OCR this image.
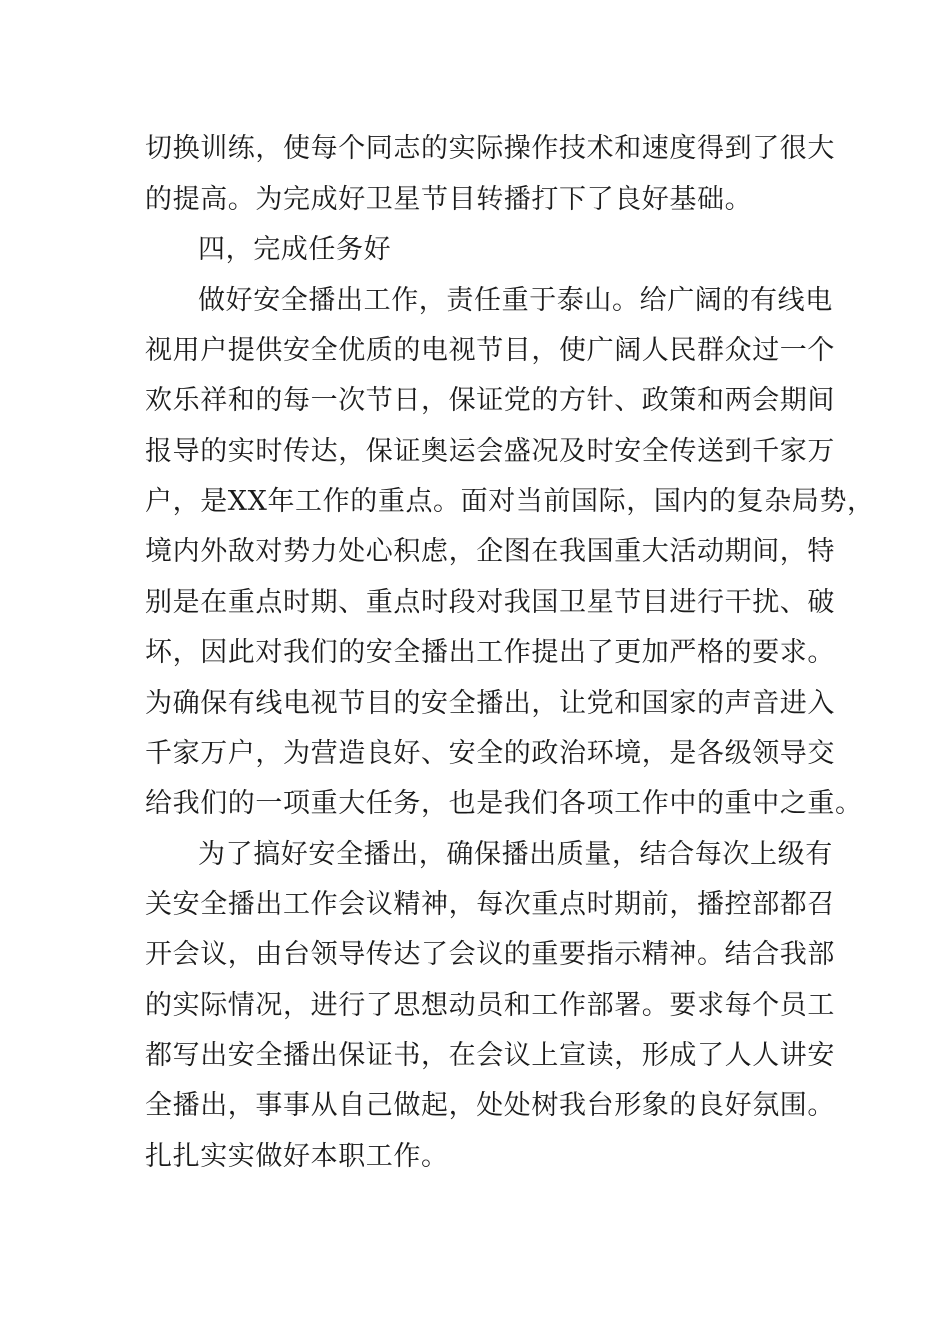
切换训练，使每个同志的实际操作技术和速度得到了很大
的提高。为完成好卫星节目转播打下了良好基础。
四，完成任务好
做好安全播出工作，责任重于泰山。给广阔的有线电
视用户提供安全优质的电视节目，使广阔人民群众过一个
欢乐祥和的每一次节日，保证党的方针、政策和两会期间
报导的实时传达，保证奥运会盛况及时安全传送到千家万
户，是XX年工作的重点。面对当前国际，国内的复杂局势，
境内外敌对势力处心积虑，企图在我国重大活动期间，特
别是在重点时期、重点时段对我国卫星节目进行干扰、破
坏，因此对我们的安全播出工作提出了更加严格的要求。
为确保有线电视节目的安全播出，让党和国家的声音进入
千家万户，为营造良好、安全的政治环境，是各级领导交
给我们的一项重大任务，也是我们各项工作中的重中之重。
为了搞好安全播出，确保播出质量，结合每次上级有
关安全播出工作会议精神，每次重点时期前，播控部都召
开会议，由台领导传达了会议的重要指示精神。结合我部
的实际情况，进行了思想动员和工作部署。要求每个员工
都写出安全播出保证书，在会议上宣读，形成了人人讲安
全播出，事事从自己做起，处处树我台形象的良好氛围。
扎扎实实做好本职工作。
